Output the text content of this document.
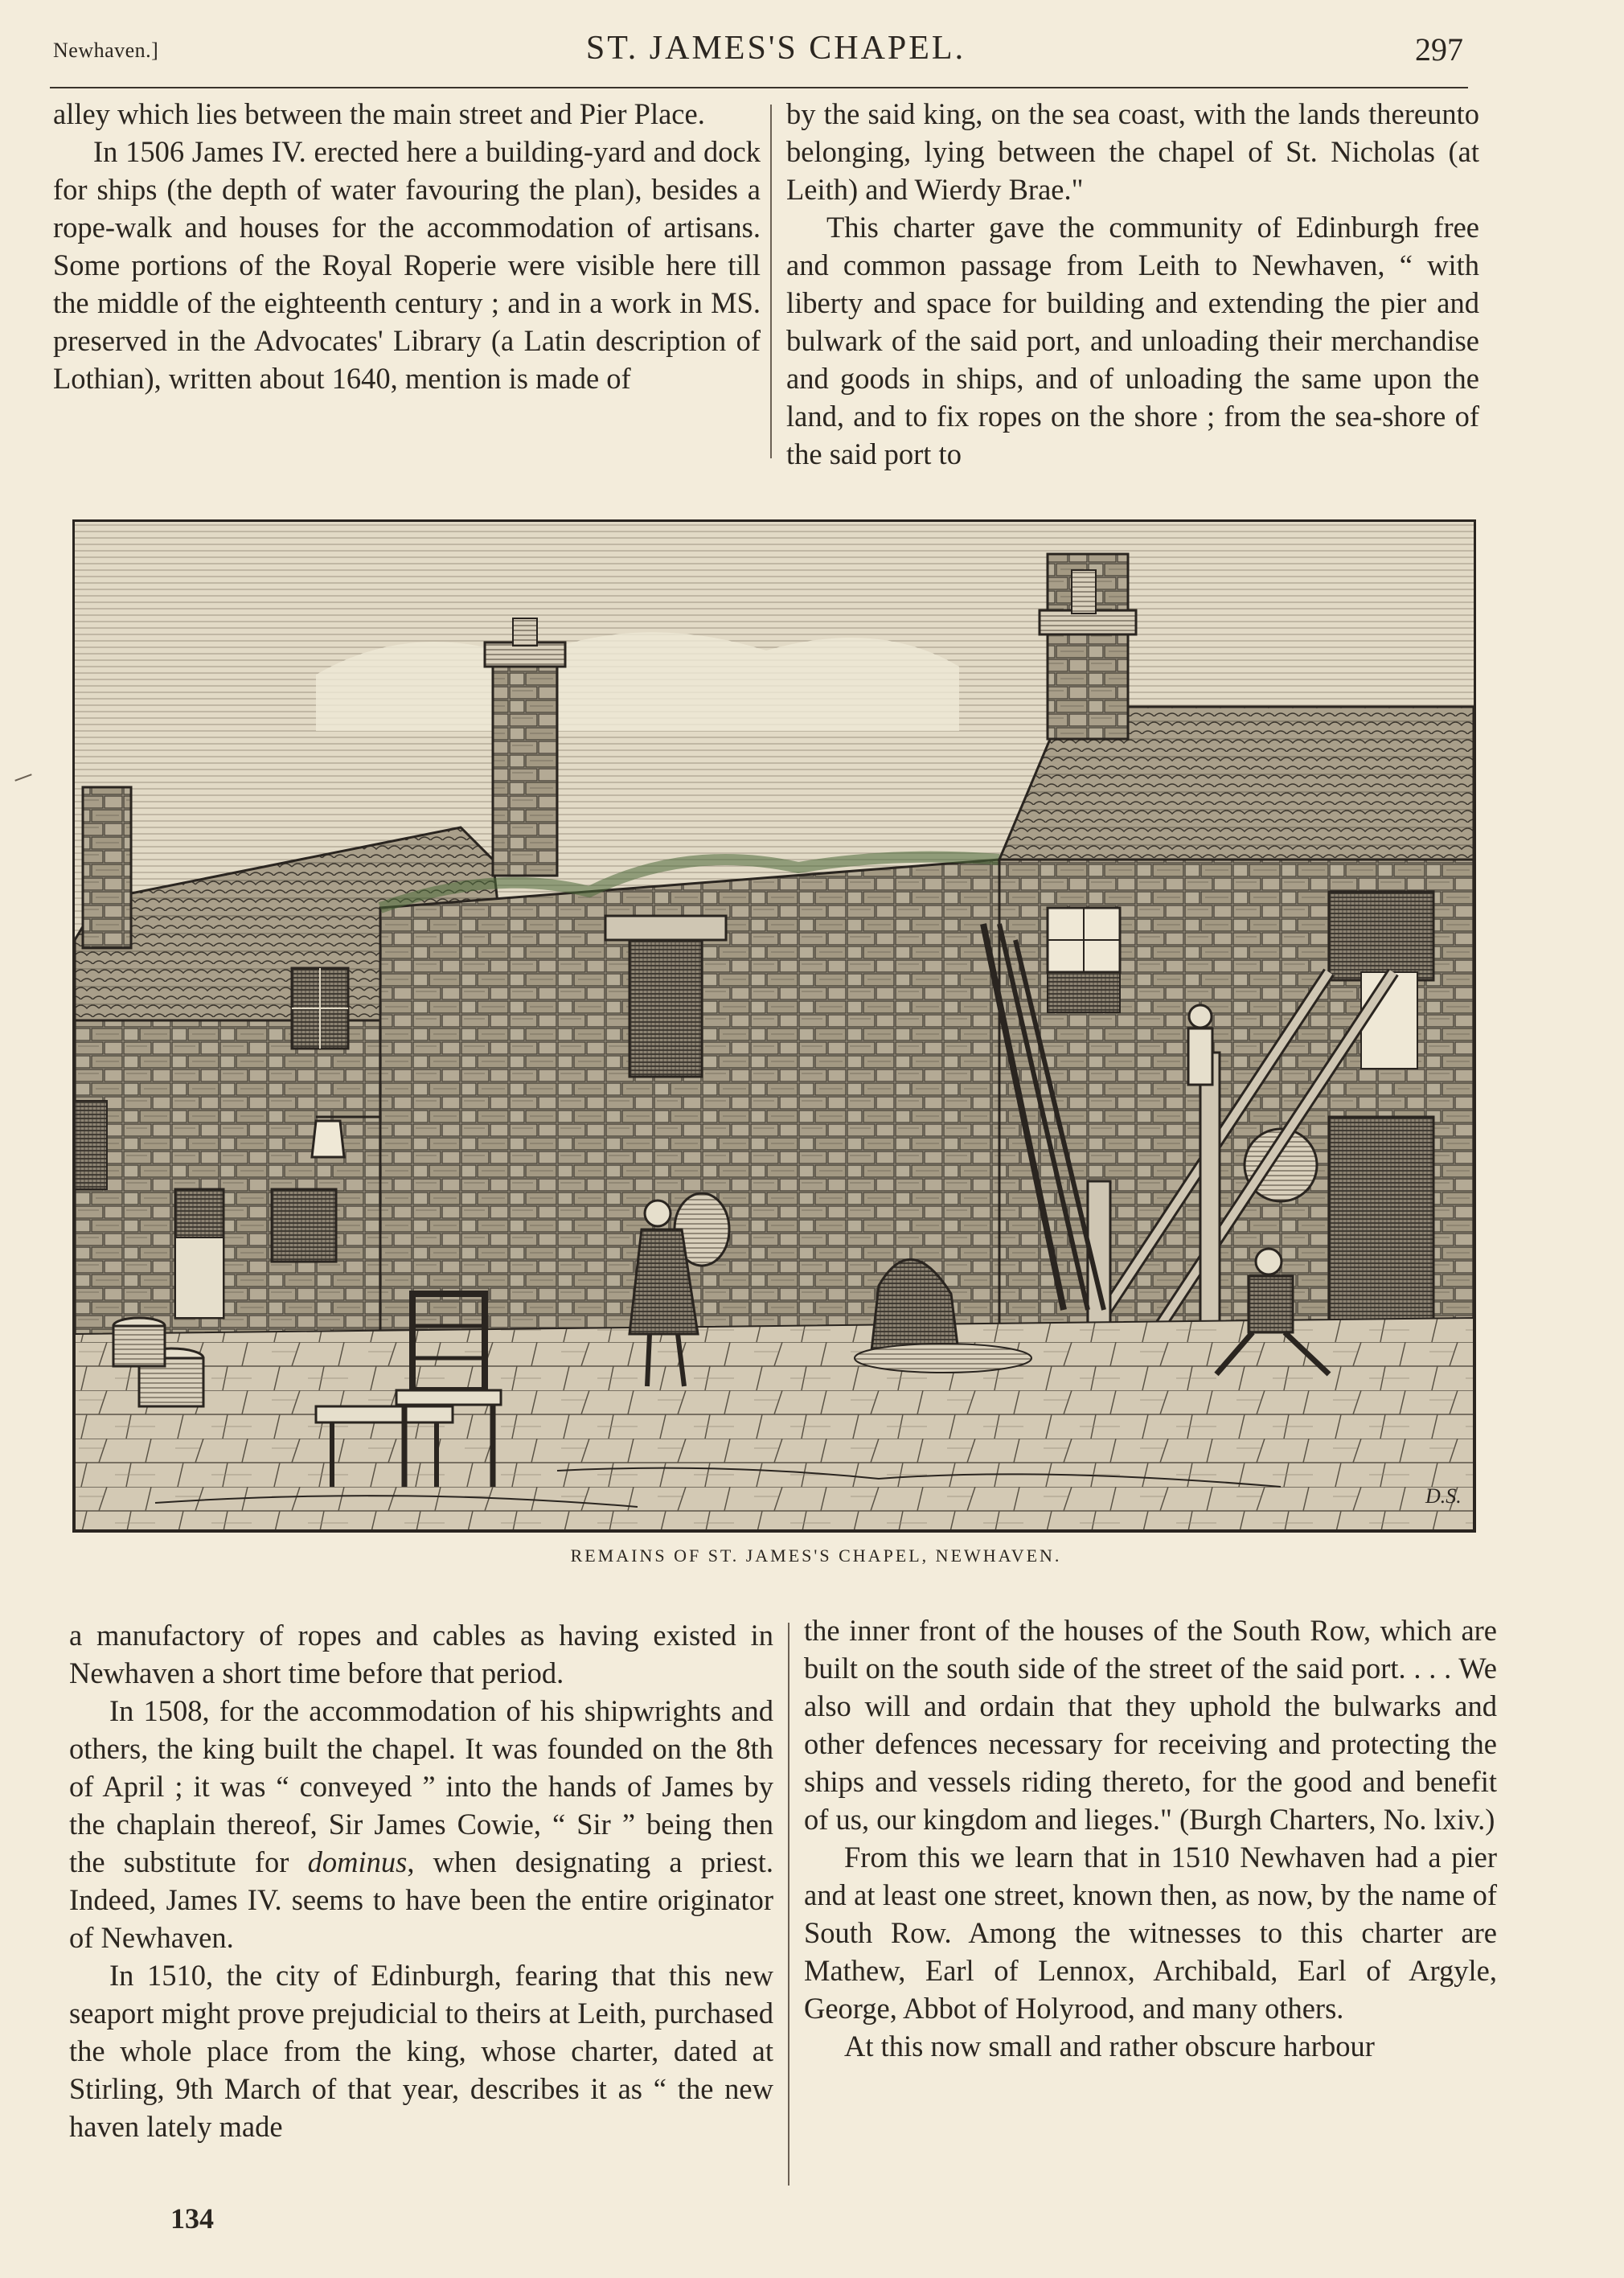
Newhaven.]	ST. JAMES'S CHAPEL.	297

alley which lies between the main street and Pier Place.

In 1506 James IV. erected here a building-yard and dock for ships (the depth of water favouring the plan), besides a rope-walk and houses for the accommodation of artisans. Some portions of the Royal Roperie were visible here till the middle of the eighteenth century ; and in a work in MS. preserved in the Advocates' Library (a Latin description of Lothian), written about 1640, mention is made of

by the said king, on the sea coast, with the lands thereunto belonging, lying between the chapel of St. Nicholas (at Leith) and Wierdy Brae."

This charter gave the community of Edinburgh free and common passage from Leith to Newhaven, “ with liberty and space for building and extending the pier and bulwark of the said port, and unloading their merchandise and goods in ships, and of unloading the same upon the land, and to fix ropes on the shore ; from the sea-shore of the said port to

D.S.
REMAINS OF ST. JAMES'S CHAPEL, NEWHAVEN.

a manufactory of ropes and cables as having existed in Newhaven a short time before that period.

In 1508, for the accommodation of his shipwrights and others, the king built the chapel. It was founded on the 8th of April ; it was “ conveyed ” into the hands of James by the chaplain thereof, Sir James Cowie, “ Sir ” being then the substitute for dominus, when designating a priest. Indeed, James IV. seems to have been the entire originator of Newhaven.

In 1510, the city of Edinburgh, fearing that this new seaport might prove prejudicial to theirs at Leith, purchased the whole place from the king, whose charter, dated at Stirling, 9th March of that year, describes it as “ the new haven lately made

the inner front of the houses of the South Row, which are built on the south side of the street of the said port. . . . We also will and ordain that they uphold the bulwarks and other defences necessary for receiving and protecting the ships and vessels riding thereto, for the good and benefit of us, our kingdom and lieges." (Burgh Charters, No. lxiv.)

From this we learn that in 1510 Newhaven had a pier and at least one street, known then, as now, by the name of South Row. Among the witnesses to this charter are Mathew, Earl of Lennox, Archibald, Earl of Argyle, George, Abbot of Holyrood, and many others.

At this now small and rather obscure harbour

134
